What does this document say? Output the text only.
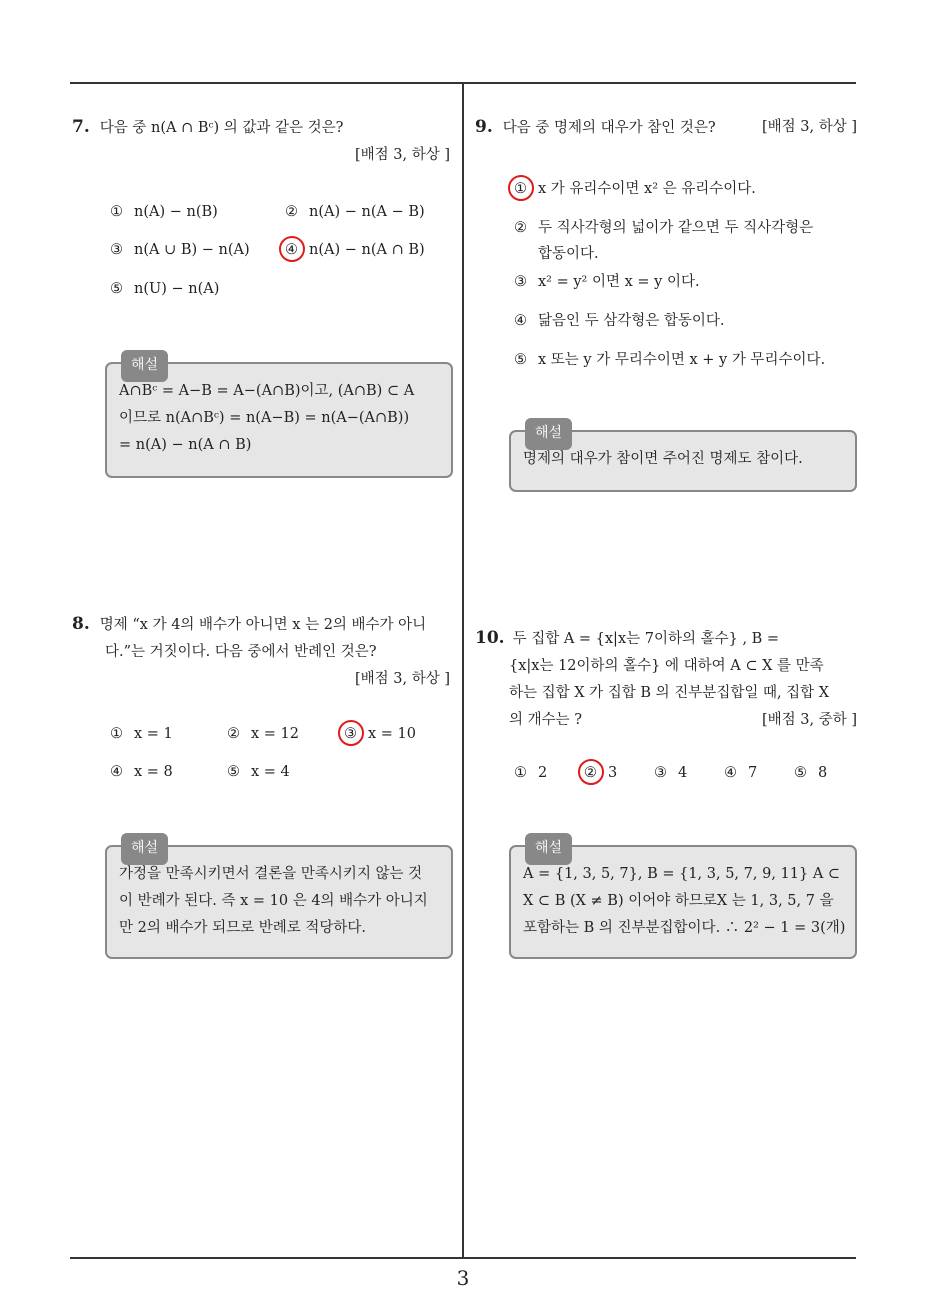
7. 다음 중 n(A ∩ Bᶜ) 의 값과 같은 것은?
[배점 3, 하상 ]
① n(A) − n(B)	② n(A) − n(A − B)
③ n(A ∪ B) − n(A) ④ n(A) − n(A ∩ B)
⑤ n(U) − n(A)
해설
A∩Bᶜ = A−B = A−(A∩B)이고, (A∩B) ⊂ A
이므로 n(A∩Bᶜ) = n(A−B) = n(A−(A∩B))
= n(A) − n(A ∩ B)
8. 명제 “x 가 4의 배수가 아니면 x 는 2의 배수가 아니
다.”는 거짓이다. 다음 중에서 반례인 것은?
[배점 3, 하상 ]
① x = 1	② x = 12	③ x = 10
④ x = 8	⑤ x = 4
해설
가정을 만족시키면서 결론을 만족시키지 않는 것
이 반례가 된다. 즉 x = 10 은 4의 배수가 아니지
만 2의 배수가 되므로 반례로 적당하다.
9. 다음 중 명제의 대우가 참인 것은?	[배점 3, 하상 ]
① x 가 유리수이면 x² 은 유리수이다.
② 두 직사각형의 넓이가 같으면 두 직사각형은
합동이다.
③ x² = y² 이면 x = y 이다.
④ 닮음인 두 삼각형은 합동이다.
⑤ x 또는 y 가 무리수이면 x + y 가 무리수이다.
해설
명제의 대우가 참이면 주어진 명제도 참이다.
10. 두 집합 A = {x|x는 7이하의 홀수} , B =
{x|x는 12이하의 홀수} 에 대하여 A ⊂ X 를 만족
하는 집합 X 가 집합 B 의 진부분집합일 때, 집합 X
의 개수는 ?	[배점 3, 중하 ]
① 2	② 3	③ 4	④ 7	⑤ 8
해설
A = {1, 3, 5, 7}, B = {1, 3, 5, 7, 9, 11} A ⊂
X ⊂ B (X ≠ B) 이어야 하므로X 는 1, 3, 5, 7 을
포함하는 B 의 진부분집합이다. ∴ 2² − 1 = 3(개)
3
